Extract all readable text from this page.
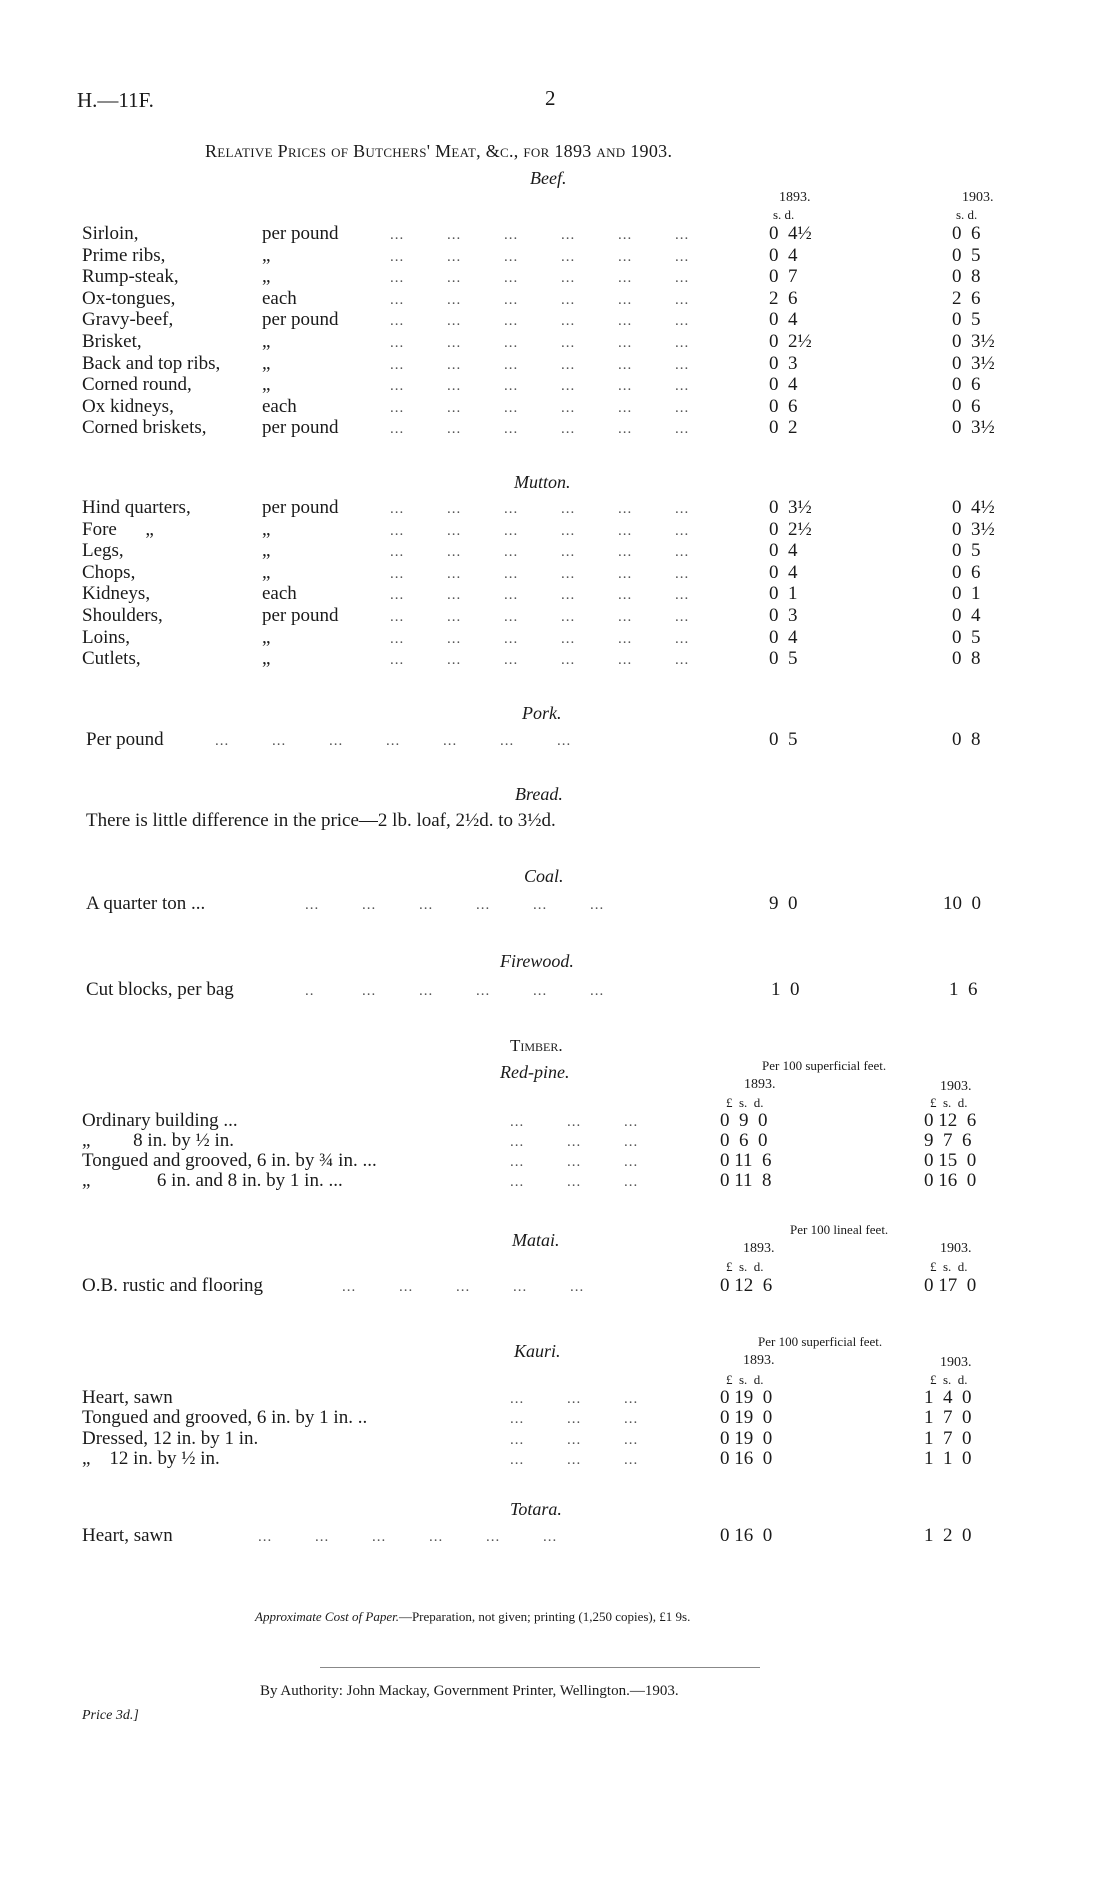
H.—11F.	2
Relative Prices of Butchers' Meat, &c., for 1893 and 1903.
Beef.
1893.	1903.
s. d.	s. d.
Sirloin,	per pound	...         ...         ...         ...         ...         ...	0  4½	0  6
Prime ribs,	„	...         ...         ...         ...         ...         ...	0  4	0  5
Rump-steak,	„	...         ...         ...         ...         ...         ...	0  7	0  8
Ox-tongues,	each	...         ...         ...         ...         ...         ...	2  6	2  6
Gravy-beef,	per pound	...         ...         ...         ...         ...         ...	0  4	0  5
Brisket,	„	...         ...         ...         ...         ...         ...	0  2½	0  3½
Back and top ribs, „	...         ...         ...         ...         ...         ...	0  3	0  3½
Corned round,	„	...         ...         ...         ...         ...         ...	0  4	0  6
Ox kidneys,	each	...         ...         ...         ...         ...         ...	0  6	0  6
Corned briskets,	per pound	...         ...         ...         ...         ...         ...	0  2	0  3½
Mutton.
Hind quarters,	per pound	...         ...         ...         ...         ...         ...	0  3½	0  4½
Fore      „	„	...         ...         ...         ...         ...         ...	0  2½	0  3½
Legs,	„	...         ...         ...         ...         ...         ...	0  4	0  5
Chops,	„	...         ...         ...         ...         ...         ...	0  4	0  6
Kidneys,	each	...         ...         ...         ...         ...         ...	0  1	0  1
Shoulders,	per pound	...         ...         ...         ...         ...         ...	0  3	0  4
Loins,	„	...         ...         ...         ...         ...         ...	0  4	0  5
Cutlets,	„	...         ...         ...         ...         ...         ...	0  5	0  8
Pork.
Per pound	...         ...         ...         ...         ...         ...         ...	0  5	0  8
Bread.
There is little difference in the price—2 lb. loaf, 2½d. to 3½d.
Coal.
A quarter ton ...	...         ...         ...         ...         ...         ...	9  0	10  0
Firewood.
Cut blocks, per bag	..          ...         ...         ...         ...         ...	1  0	1  6
Timber.
Red-pine.	Per 100 superficial feet.
1893.	1903.
£  s.  d.	£  s.  d.
Ordinary building ...	...         ...         ...	0  9  0	0 12  6
„         8 in. by ½ in.	...         ...         ...	0  6  0	9  7  6
Tongued and grooved, 6 in. by ¾ in. ...	...         ...         ...	0 11  6	0 15  0
„              6 in. and 8 in. by 1 in. ...	...         ...         ...	0 11  8	0 16  0
Matai.
Per 100 lineal feet.
1893.	1903.
£  s.  d.	£  s.  d.
O.B. rustic and flooring	...         ...         ...         ...         ...	0 12  6	0 17  0
Kauri.	Per 100 superficial feet.
1893.	1903.
£  s.  d.	£  s.  d.
Heart, sawn	...         ...         ...	0 19  0	1  4  0
Tongued and grooved, 6 in. by 1 in. ..	...         ...         ...	0 19  0	1  7  0
Dressed, 12 in. by 1 in.	...         ...         ...	0 19  0	1  7  0
„    12 in. by ½ in.	...         ...         ...	0 16  0	1  1  0
Totara.
Heart, sawn	...         ...         ...         ...         ...         ...	0 16  0	1  2  0
Approximate Cost of Paper.—Preparation, not given; printing (1,250 copies), £1 9s.
By Authority: John Mackay, Government Printer, Wellington.—1903.
Price 3d.]
